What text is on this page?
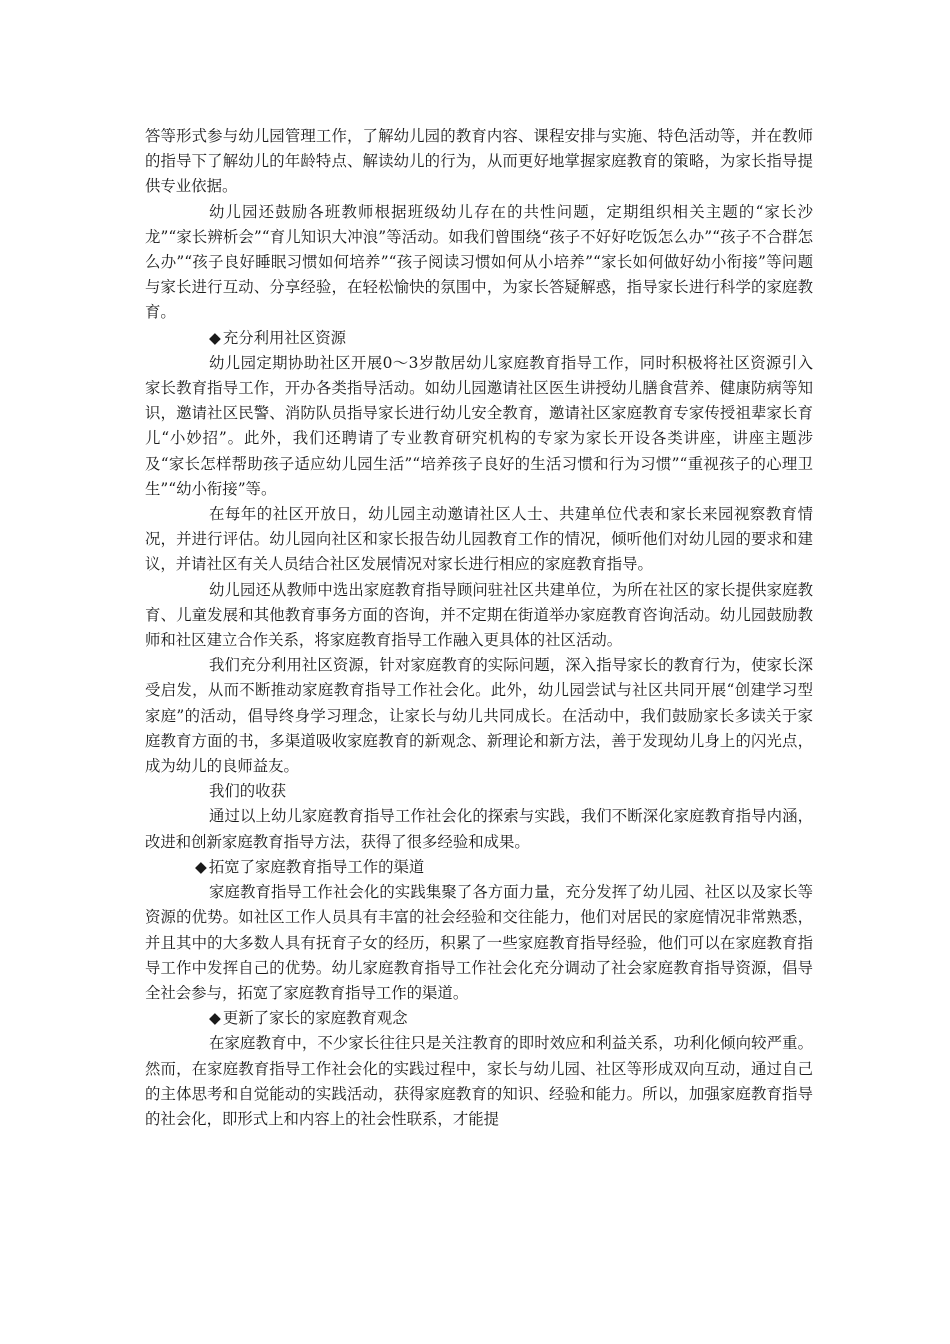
答等形式参与幼儿园管理工作，了解幼儿园的教育内容、课程安排与实施、特色活动等，并在教师的指导下了解幼儿的年龄特点、解读幼儿的行为，从而更好地掌握家庭教育的策略，为家长指导提供专业依据。

幼儿园还鼓励各班教师根据班级幼儿存在的共性问题，定期组织相关主题的“家长沙龙”“家长辨析会”“育儿知识大冲浪”等活动。如我们曾围绕“孩子不好好吃饭怎么办”“孩子不合群怎么办”“孩子良好睡眠习惯如何培养”“孩子阅读习惯如何从小培养”“家长如何做好幼小衔接”等问题与家长进行互动、分享经验，在轻松愉快的氛围中，为家长答疑解惑，指导家长进行科学的家庭教育。

◆ 充分利用社区资源

幼儿园定期协助社区开展0～3岁散居幼儿家庭教育指导工作，同时积极将社区资源引入家长教育指导工作，开办各类指导活动。如幼儿园邀请社区医生讲授幼儿膳食营养、健康防病等知识，邀请社区民警、消防队员指导家长进行幼儿安全教育，邀请社区家庭教育专家传授祖辈家长育儿“小妙招”。此外，我们还聘请了专业教育研究机构的专家为家长开设各类讲座，讲座主题涉及“家长怎样帮助孩子适应幼儿园生活”“培养孩子良好的生活习惯和行为习惯”“重视孩子的心理卫生”“幼小衔接”等。

在每年的社区开放日，幼儿园主动邀请社区人士、共建单位代表和家长来园视察教育情况，并进行评估。幼儿园向社区和家长报告幼儿园教育工作的情况，倾听他们对幼儿园的要求和建议，并请社区有关人员结合社区发展情况对家长进行相应的家庭教育指导。

幼儿园还从教师中选出家庭教育指导顾问驻社区共建单位，为所在社区的家长提供家庭教育、儿童发展和其他教育事务方面的咨询，并不定期在街道举办家庭教育咨询活动。幼儿园鼓励教师和社区建立合作关系，将家庭教育指导工作融入更具体的社区活动。

我们充分利用社区资源，针对家庭教育的实际问题，深入指导家长的教育行为，使家长深受启发，从而不断推动家庭教育指导工作社会化。此外，幼儿园尝试与社区共同开展“创建学习型家庭”的活动，倡导终身学习理念，让家长与幼儿共同成长。在活动中，我们鼓励家长多读关于家庭教育方面的书，多渠道吸收家庭教育的新观念、新理论和新方法，善于发现幼儿身上的闪光点，成为幼儿的良师益友。

我们的收获

通过以上幼儿家庭教育指导工作社会化的探索与实践，我们不断深化家庭教育指导内涵，改进和创新家庭教育指导方法，获得了很多经验和成果。

◆ 拓宽了家庭教育指导工作的渠道

家庭教育指导工作社会化的实践集聚了各方面力量，充分发挥了幼儿园、社区以及家长等资源的优势。如社区工作人员具有丰富的社会经验和交往能力，他们对居民的家庭情况非常熟悉，并且其中的大多数人具有抚育子女的经历，积累了一些家庭教育指导经验，他们可以在家庭教育指导工作中发挥自己的优势。幼儿家庭教育指导工作社会化充分调动了社会家庭教育指导资源，倡导全社会参与，拓宽了家庭教育指导工作的渠道。

◆ 更新了家长的家庭教育观念

在家庭教育中，不少家长往往只是关注教育的即时效应和利益关系，功利化倾向较严重。然而，在家庭教育指导工作社会化的实践过程中，家长与幼儿园、社区等形成双向互动，通过自己的主体思考和自觉能动的实践活动，获得家庭教育的知识、经验和能力。所以，加强家庭教育指导的社会化，即形式上和内容上的社会性联系，才能提
